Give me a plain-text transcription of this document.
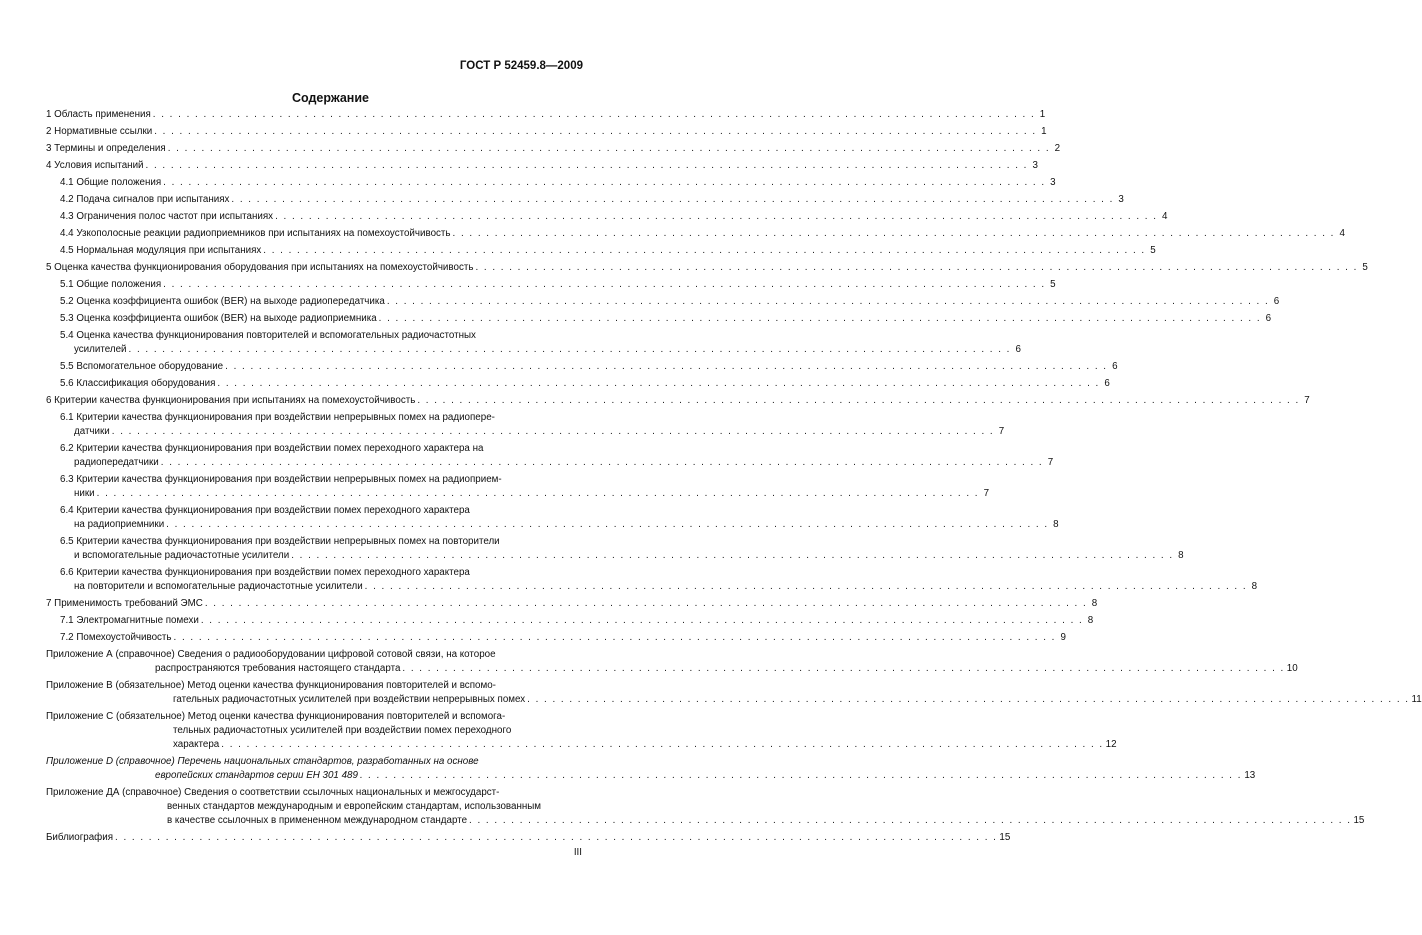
ГОСТ Р 52459.8—2009
Содержание
1 Область применения . . . . . . . . . . . . . . . . . . . . . . . . . . . . . . . . . . . . . . . . . . . . . . . . . . . . . . . . . . . . . . . . . . . . . . . . . . . . . . . . . . . . . . . . . . . . . . . . . . . . . . . . . 1
2 Нормативные ссылки . . . . . . . . . . . . . . . . . . . . . . . . . . . . . . . . . . . . . . . . . . . . . . . . . . . . . . . . . . . . . . . . . . . . . . . . . . . . . . . . . . . . . . . . . . . . . . . . . . . . . . . . . 1
3 Термины и определения . . . . . . . . . . . . . . . . . . . . . . . . . . . . . . . . . . . . . . . . . . . . . . . . . . . . . . . . . . . . . . . . . . . . . . . . . . . . . . . . . . . . . . . . . . . . . . . . . . . . . . . . . 2
4 Условия испытаний . . . . . . . . . . . . . . . . . . . . . . . . . . . . . . . . . . . . . . . . . . . . . . . . . . . . . . . . . . . . . . . . . . . . . . . . . . . . . . . . . . . . . . . . . . . . . . . . . . . . . . . . . 3
4.1 Общие положения . . . . . . . . . . . . . . . . . . . . . . . . . . . . . . . . . . . . . . . . . . . . . . . . . . . . . . . . . . . . . . . . . . . . . . . . . . . . . . . . . . . . . . . . . . . . . . . . . . . . . . . . . 3
4.2 Подача сигналов при испытаниях . . . . . . . . . . . . . . . . . . . . . . . . . . . . . . . . . . . . . . . . . . . . . . . . . . . . . . . . . . . . . . . . . . . . . . . . . . . . . . . . . . . . . . . . . . . . . . . . . . . . . . . . . 3
4.3 Ограничения полос частот при испытаниях . . . . . . . . . . . . . . . . . . . . . . . . . . . . . . . . . . . . . . . . . . . . . . . . . . . . . . . . . . . . . . . . . . . . . . . . . . . . . . . . . . . . . . . . . . . . . . . . . . . . . . . . . 4
4.4 Узкополосные реакции радиоприемников при испытаниях на помехоустойчивость . . . . . . . . . . . . . . . . . . . . . . . . . . . . . . . . . . . . . . . . . . . . . . . . . . . . . . . . . . . . . . . . . . . . . . . . . . . . . . . . . . . . . . . . . . . . . . . . . . . . . . . . . 4
4.5 Нормальная модуляция при испытаниях . . . . . . . . . . . . . . . . . . . . . . . . . . . . . . . . . . . . . . . . . . . . . . . . . . . . . . . . . . . . . . . . . . . . . . . . . . . . . . . . . . . . . . . . . . . . . . . . . . . . . . . . . 5
5 Оценка качества функционирования оборудования при испытаниях на помехоустойчивость . . . . . . . . . . . . . . . . . . . . . . . . . . . . . . . . . . . . . . . . . . . . . . . . . . . . . . . . . . . . . . . . . . . . . . . . . . . . . . . . . . . . . . . . . . . . . . . . . . . . . . . . . 5
5.1 Общие положения . . . . . . . . . . . . . . . . . . . . . . . . . . . . . . . . . . . . . . . . . . . . . . . . . . . . . . . . . . . . . . . . . . . . . . . . . . . . . . . . . . . . . . . . . . . . . . . . . . . . . . . . . 5
5.2 Оценка коэффициента ошибок (BER) на выходе радиопередатчика . . . . . . . . . . . . . . . . . . . . . . . . . . . . . . . . . . . . . . . . . . . . . . . . . . . . . . . . . . . . . . . . . . . . . . . . . . . . . . . . . . . . . . . . . . . . . . . . . . . . . . . . . 6
5.3 Оценка коэффициента ошибок (BER) на выходе радиоприемника . . . . . . . . . . . . . . . . . . . . . . . . . . . . . . . . . . . . . . . . . . . . . . . . . . . . . . . . . . . . . . . . . . . . . . . . . . . . . . . . . . . . . . . . . . . . . . . . . . . . . . . . . 6
5.4 Оценка качества функционирования повторителей и вспомогательных радиочастотных
усилителей . . . . . . . . . . . . . . . . . . . . . . . . . . . . . . . . . . . . . . . . . . . . . . . . . . . . . . . . . . . . . . . . . . . . . . . . . . . . . . . . . . . . . . . . . . . . . . . . . . . . . . . . . 6
5.5 Вспомогательное оборудование . . . . . . . . . . . . . . . . . . . . . . . . . . . . . . . . . . . . . . . . . . . . . . . . . . . . . . . . . . . . . . . . . . . . . . . . . . . . . . . . . . . . . . . . . . . . . . . . . . . . . . . . . 6
5.6 Классификация оборудования . . . . . . . . . . . . . . . . . . . . . . . . . . . . . . . . . . . . . . . . . . . . . . . . . . . . . . . . . . . . . . . . . . . . . . . . . . . . . . . . . . . . . . . . . . . . . . . . . . . . . . . . . 6
6 Критерии качества функционирования при испытаниях на помехоустойчивость . . . . . . . . . . . . . . . . . . . . . . . . . . . . . . . . . . . . . . . . . . . . . . . . . . . . . . . . . . . . . . . . . . . . . . . . . . . . . . . . . . . . . . . . . . . . . . . . . . . . . . . . . 7
6.1 Критерии качества функционирования при воздействии непрерывных помех на радиопере-
датчики . . . . . . . . . . . . . . . . . . . . . . . . . . . . . . . . . . . . . . . . . . . . . . . . . . . . . . . . . . . . . . . . . . . . . . . . . . . . . . . . . . . . . . . . . . . . . . . . . . . . . . . . . 7
6.2 Критерии качества функционирования при воздействии помех переходного характера на
радиопередатчики . . . . . . . . . . . . . . . . . . . . . . . . . . . . . . . . . . . . . . . . . . . . . . . . . . . . . . . . . . . . . . . . . . . . . . . . . . . . . . . . . . . . . . . . . . . . . . . . . . . . . . . . . 7
6.3 Критерии качества функционирования при воздействии непрерывных помех на радиоприем-
ники . . . . . . . . . . . . . . . . . . . . . . . . . . . . . . . . . . . . . . . . . . . . . . . . . . . . . . . . . . . . . . . . . . . . . . . . . . . . . . . . . . . . . . . . . . . . . . . . . . . . . . . . . 7
6.4 Критерии качества функционирования при воздействии помех переходного характера
на радиоприемники . . . . . . . . . . . . . . . . . . . . . . . . . . . . . . . . . . . . . . . . . . . . . . . . . . . . . . . . . . . . . . . . . . . . . . . . . . . . . . . . . . . . . . . . . . . . . . . . . . . . . . . . . 8
6.5 Критерии качества функционирования при воздействии непрерывных помех на повторители
и вспомогательные радиочастотные усилители . . . . . . . . . . . . . . . . . . . . . . . . . . . . . . . . . . . . . . . . . . . . . . . . . . . . . . . . . . . . . . . . . . . . . . . . . . . . . . . . . . . . . . . . . . . . . . . . . . . . . . . . . 8
6.6 Критерии качества функционирования при воздействии помех переходного характера
на повторители и вспомогательные радиочастотные усилители . . . . . . . . . . . . . . . . . . . . . . . . . . . . . . . . . . . . . . . . . . . . . . . . . . . . . . . . . . . . . . . . . . . . . . . . . . . . . . . . . . . . . . . . . . . . . . . . . . . . . . . . . 8
7 Применимость требований ЭМС . . . . . . . . . . . . . . . . . . . . . . . . . . . . . . . . . . . . . . . . . . . . . . . . . . . . . . . . . . . . . . . . . . . . . . . . . . . . . . . . . . . . . . . . . . . . . . . . . . . . . . . . . 8
7.1 Электромагнитные помехи . . . . . . . . . . . . . . . . . . . . . . . . . . . . . . . . . . . . . . . . . . . . . . . . . . . . . . . . . . . . . . . . . . . . . . . . . . . . . . . . . . . . . . . . . . . . . . . . . . . . . . . . . 8
7.2 Помехоустойчивость . . . . . . . . . . . . . . . . . . . . . . . . . . . . . . . . . . . . . . . . . . . . . . . . . . . . . . . . . . . . . . . . . . . . . . . . . . . . . . . . . . . . . . . . . . . . . . . . . . . . . . . . . 9
Приложение А (справочное) Сведения о радиооборудовании цифровой сотовой связи, на которое
распространяются требования настоящего стандарта . . . . . . . . . . . . . . . . . . . . . . . . . . . . . . . . . . . . . . . . . . . . . . . . . . . . . . . . . . . . . . . . . . . . . . . . . . . . . . . . . . . . . . . . . . . . . . . . . . . . . . . . . 10
Приложение В (обязательное) Метод оценки качества функционирования повторителей и вспомо-
гательных радиочастотных усилителей при воздействии непрерывных помех . . . . . . . . . . . . . . . . . . . . . . . . . . . . . . . . . . . . . . . . . . . . . . . . . . . . . . . . . . . . . . . . . . . . . . . . . . . . . . . . . . . . . . . . . . . . . . . . . . . . . . . . . 11
Приложение С (обязательное) Метод оценки качества функционирования повторителей и вспомога-
тельных радиочастотных усилителей при воздействии помех переходного
характера . . . . . . . . . . . . . . . . . . . . . . . . . . . . . . . . . . . . . . . . . . . . . . . . . . . . . . . . . . . . . . . . . . . . . . . . . . . . . . . . . . . . . . . . . . . . . . . . . . . . . . . . . 12
Приложение D (справочное) Перечень национальных стандартов, разработанных на основе
европейских стандартов серии ЕН 301 489 . . . . . . . . . . . . . . . . . . . . . . . . . . . . . . . . . . . . . . . . . . . . . . . . . . . . . . . . . . . . . . . . . . . . . . . . . . . . . . . . . . . . . . . . . . . . . . . . . . . . . . . . . 13
Приложение ДА (справочное) Сведения о соответствии ссылочных национальных и межгосударст-
венных стандартов международным и европейским стандартам, использованным
в качестве ссылочных в примененном международном стандарте . . . . . . . . . . . . . . . . . . . . . . . . . . . . . . . . . . . . . . . . . . . . . . . . . . . . . . . . . . . . . . . . . . . . . . . . . . . . . . . . . . . . . . . . . . . . . . . . . . . . . . . . . 15
Библиография . . . . . . . . . . . . . . . . . . . . . . . . . . . . . . . . . . . . . . . . . . . . . . . . . . . . . . . . . . . . . . . . . . . . . . . . . . . . . . . . . . . . . . . . . . . . . . . . . . . . . . . . . 15
III
